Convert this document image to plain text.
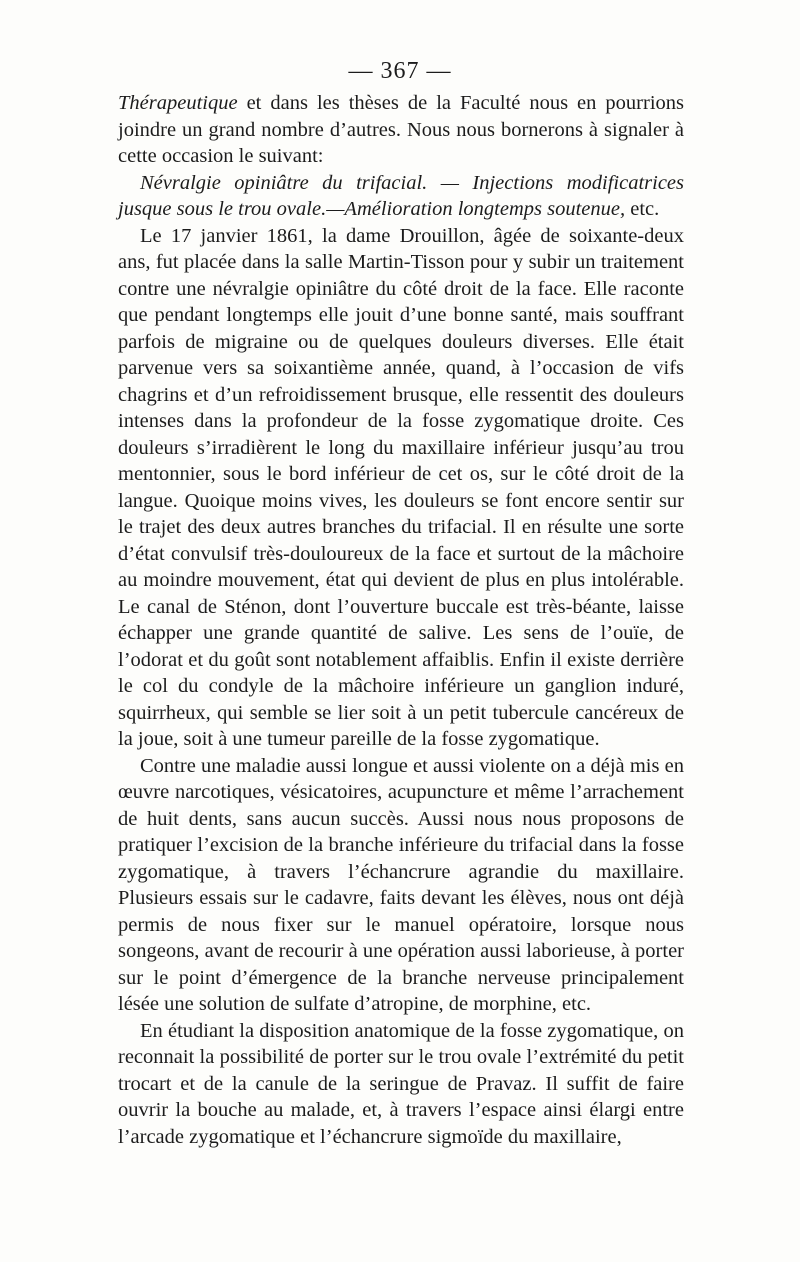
— 367 —

Thérapeutique et dans les thèses de la Faculté nous en pourrions joindre un grand nombre d’autres. Nous nous bornerons à signaler à cette occasion le suivant:

Névralgie opiniâtre du trifacial. — Injections modificatrices jusque sous le trou ovale.—Amélioration longtemps soutenue, etc.

Le 17 janvier 1861, la dame Drouillon, âgée de soixante-deux ans, fut placée dans la salle Martin-Tisson pour y subir un traitement contre une névralgie opiniâtre du côté droit de la face. Elle raconte que pendant longtemps elle jouit d’une bonne santé, mais souffrant parfois de migraine ou de quelques douleurs diverses. Elle était parvenue vers sa soixantième année, quand, à l’occasion de vifs chagrins et d’un refroidissement brusque, elle ressentit des douleurs intenses dans la profondeur de la fosse zygomatique droite. Ces douleurs s’irradièrent le long du maxillaire inférieur jusqu’au trou mentonnier, sous le bord inférieur de cet os, sur le côté droit de la langue. Quoique moins vives, les douleurs se font encore sentir sur le trajet des deux autres branches du trifacial. Il en résulte une sorte d’état convulsif très-douloureux de la face et surtout de la mâchoire au moindre mouvement, état qui devient de plus en plus intolérable. Le canal de Sténon, dont l’ouverture buccale est très-béante, laisse échapper une grande quantité de salive. Les sens de l’ouïe, de l’odorat et du goût sont notablement affaiblis. Enfin il existe derrière le col du condyle de la mâchoire inférieure un ganglion induré, squirrheux, qui semble se lier soit à un petit tubercule cancéreux de la joue, soit à une tumeur pareille de la fosse zygomatique.

Contre une maladie aussi longue et aussi violente on a déjà mis en œuvre narcotiques, vésicatoires, acupuncture et même l’arrachement de huit dents, sans aucun succès. Aussi nous nous proposons de pratiquer l’excision de la branche inférieure du trifacial dans la fosse zygomatique, à travers l’échancrure agrandie du maxillaire. Plusieurs essais sur le cadavre, faits devant les élèves, nous ont déjà permis de nous fixer sur le manuel opératoire, lorsque nous songeons, avant de recourir à une opération aussi laborieuse, à porter sur le point d’émergence de la branche nerveuse principalement lésée une solution de sulfate d’atropine, de morphine, etc.

En étudiant la disposition anatomique de la fosse zygomatique, on reconnait la possibilité de porter sur le trou ovale l’extrémité du petit trocart et de la canule de la seringue de Pravaz. Il suffit de faire ouvrir la bouche au malade, et, à travers l’espace ainsi élargi entre l’arcade zygomatique et l’échancrure sigmoïde du maxillaire,
